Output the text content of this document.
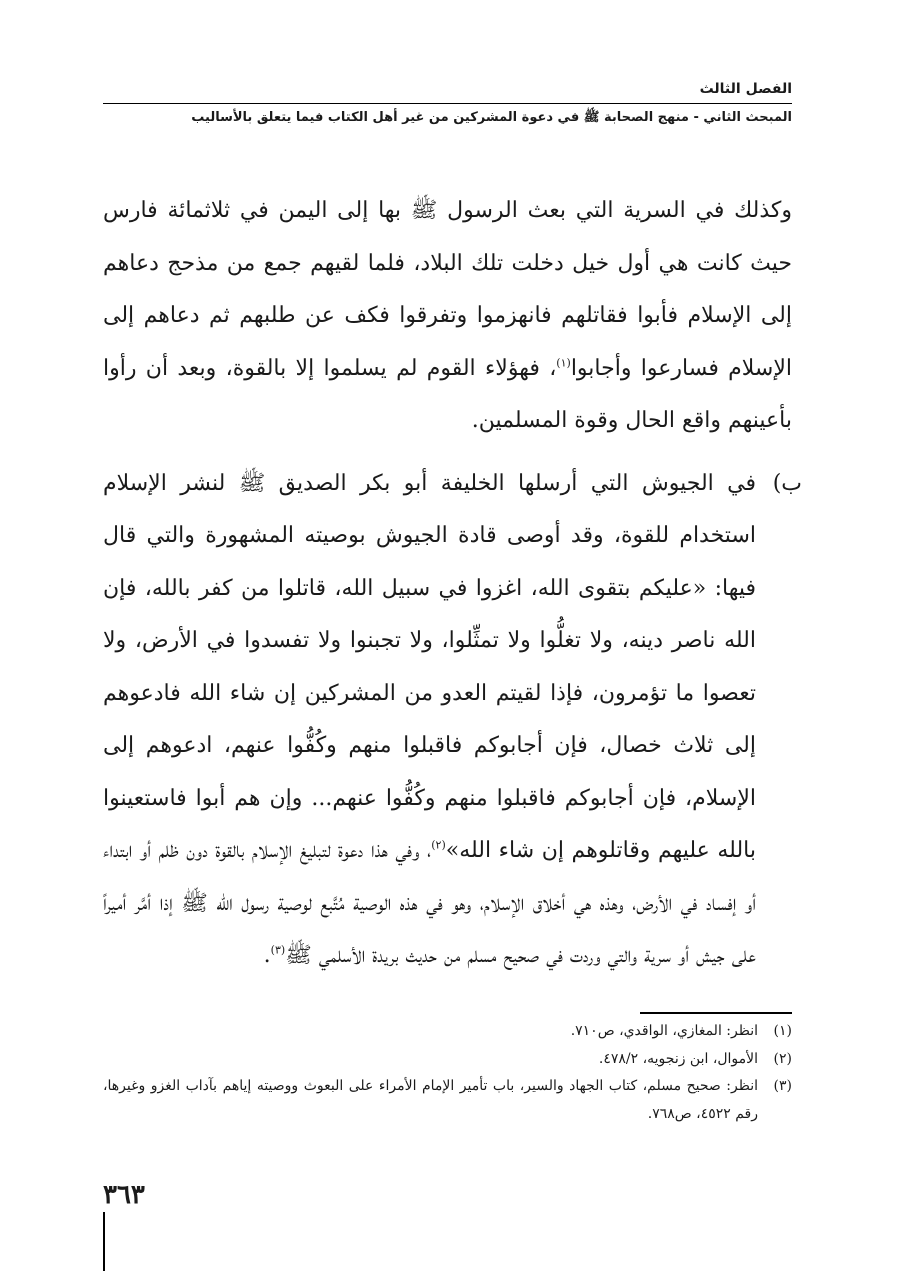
الفصل الثالث
المبحث الثاني - منهج الصحابة ﷺ في دعوة المشركين من غير أهل الكتاب فيما يتعلق بالأساليب

وكذلك في السرية التي بعث الرسول ﷺ بها إلى اليمن في ثلاثمائة فارس حيث كانت هي أول خيل دخلت تلك البلاد، فلما لقيهم جمع من مذحج دعاهم إلى الإسلام فأبوا فقاتلهم فانهزموا وتفرقوا فكف عن طلبهم ثم دعاهم إلى الإسلام فسارعوا وأجابوا$^{(١)}$، فهؤلاء القوم لم يسلموا إلا بالقوة، وبعد أن رأوا بأعينهم واقع الحال وقوة المسلمين.

ب)
في الجيوش التي أرسلها الخليفة أبو بكر الصديق ﷺ لنشر الإسلام استخدام للقوة، وقد أوصى قادة الجيوش بوصيته المشهورة والتي قال فيها: «عليكم بتقوى الله، اغزوا في سبيل الله، قاتلوا من كفر بالله، فإن الله ناصر دينه، ولا تغلُّوا ولا تمثِّلوا، ولا تجبنوا ولا تفسدوا في الأرض، ولا تعصوا ما تؤمرون، فإذا لقيتم العدو من المشركين إن شاء الله فادعوهم إلى ثلاث خصال، فإن أجابوكم فاقبلوا منهم وكُفُّوا عنهم، ادعوهم إلى الإسلام، فإن أجابوكم فاقبلوا منهم وكُفُّوا عنهم... وإن هم أبوا فاستعينوا بالله عليهم وقاتلوهم إن شاء الله»$^{(٢)}$، وفي هذا دعوة لتبليغ الإسلام بالقوة دون ظلم أو ابتداء أو إفساد في الأرض، وهذه هي أخلاق الإسلام، وهو في هذه الوصية مُتَّبع لوصية رسول الله ﷺ إذا أمَّر أميراً على جيش أو سرية والتي وردت في صحيح مسلم من حديث بريدة الأسلمي ﷺ$^{(٣)}$.

(١)
انظر: المغازي، الواقدي، ص٧١٠.
(٢)
الأموال، ابن زنجويه، ٤٧٨/٢.
(٣)
انظر: صحيح مسلم، كتاب الجهاد والسير، باب تأمير الإمام الأمراء على البعوث ووصيته إياهم بآداب الغزو وغيرها، رقم ٤٥٢٢، ص٧٦٨.
٣٦٣
